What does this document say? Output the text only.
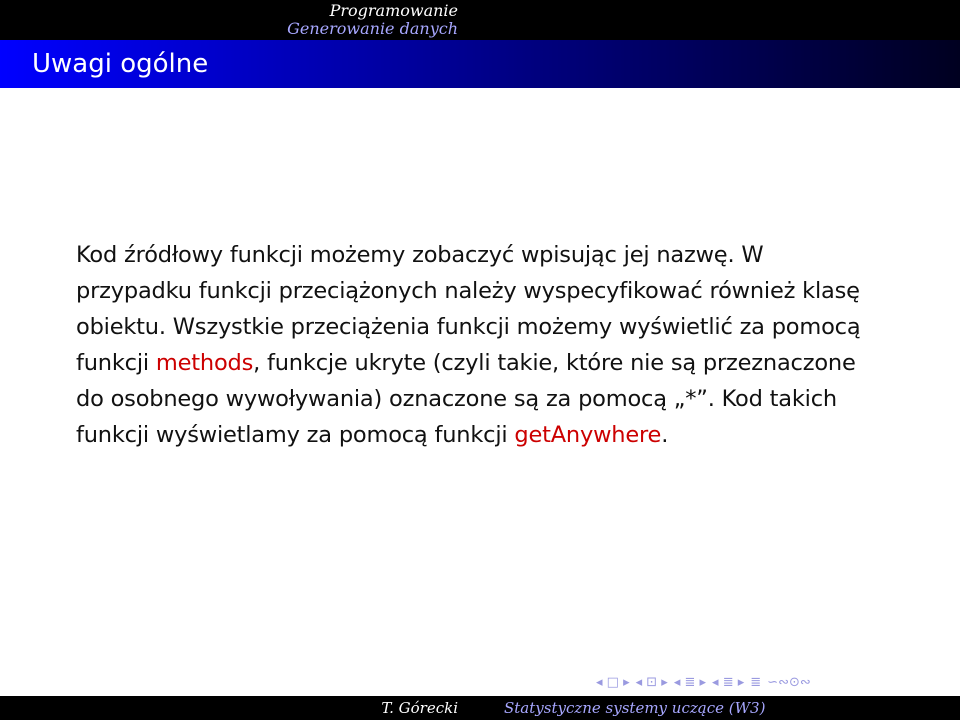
Programowanie
Generowanie danych
Uwagi ogólne
Kod źródłowy funkcji możemy zobaczyć wpisując jej nazwę. W przypadku funkcji przeciążonych należy wyspecyfikować również klasę obiektu. Wszystkie przeciążenia funkcji możemy wyświetlić za pomocą funkcji methods, funkcje ukryte (czyli takie, które nie są przeznaczone do osobnego wywoływania) oznaczone są za pomocą „*”. Kod takich funkcji wyświetlamy za pomocą funkcji getAnywhere.
◂ □ ▸ ◂ ⊡ ▸ ◂ ≣ ▸ ◂ ≣ ▸ ≣ ∽∾⊙∾
T. Górecki	Statystyczne systemy uczące (W3)
